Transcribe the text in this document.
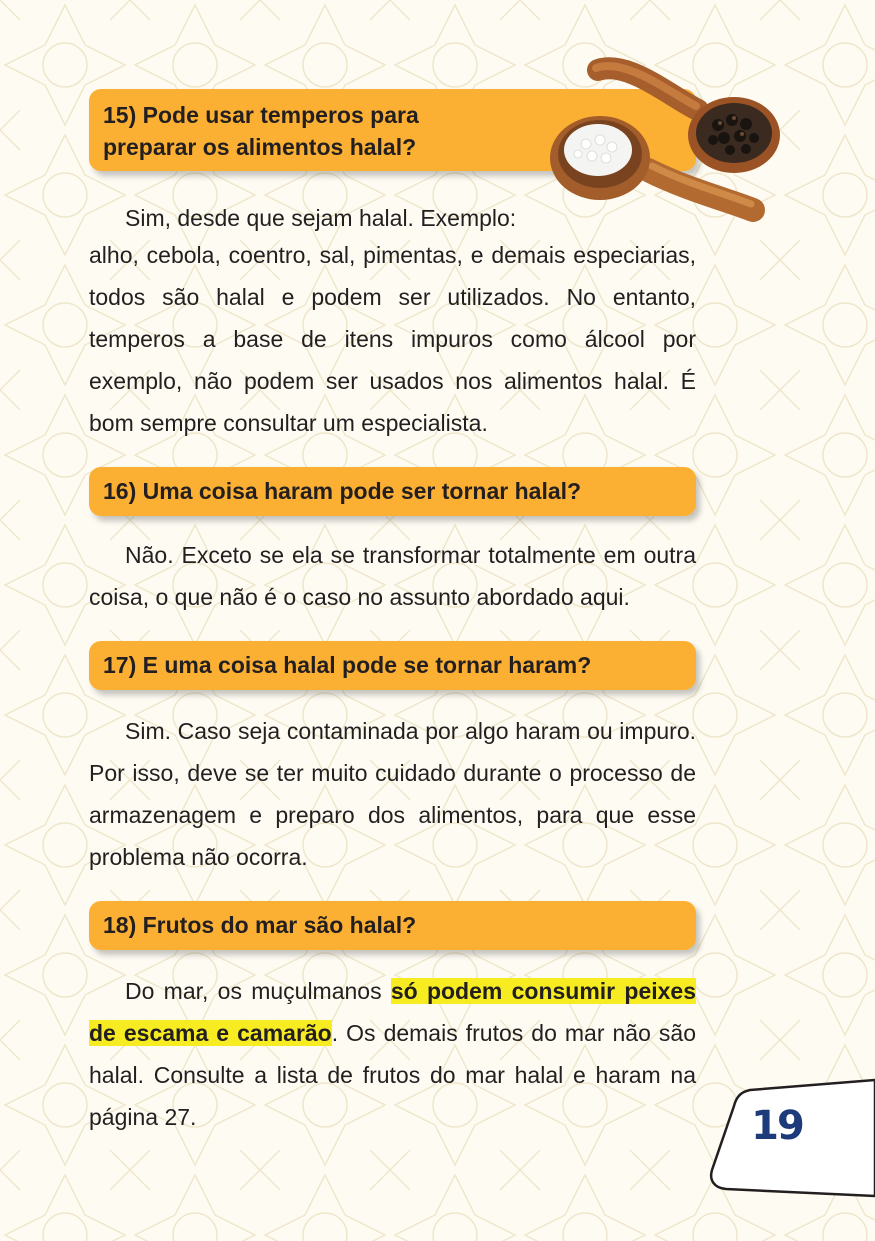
15) Pode usar temperos para preparar os alimentos halal?
Sim, desde que sejam halal. Exemplo:
alho, cebola, coentro, sal, pimentas, e demais especiarias, todos são halal e podem ser utilizados. No entanto, temperos a base de itens impuros como álcool por exemplo, não podem ser usados nos alimentos halal. É bom sempre consultar um especialista.
16) Uma coisa haram pode ser tornar halal?
Não. Exceto se ela se transformar totalmente em outra coisa, o que não é o caso no assunto abordado aqui.
17) E uma coisa halal pode se tornar haram?
Sim. Caso seja contaminada por algo haram ou impuro. Por isso, deve se ter muito cuidado durante o processo de armazenagem e preparo dos alimentos, para que esse problema não ocorra.
18) Frutos do mar são halal?
Do mar, os muçulmanos só podem consumir peixes de escama e camarão. Os demais frutos do mar não são halal. Consulte a lista de frutos do mar halal e haram na página 27.	19
